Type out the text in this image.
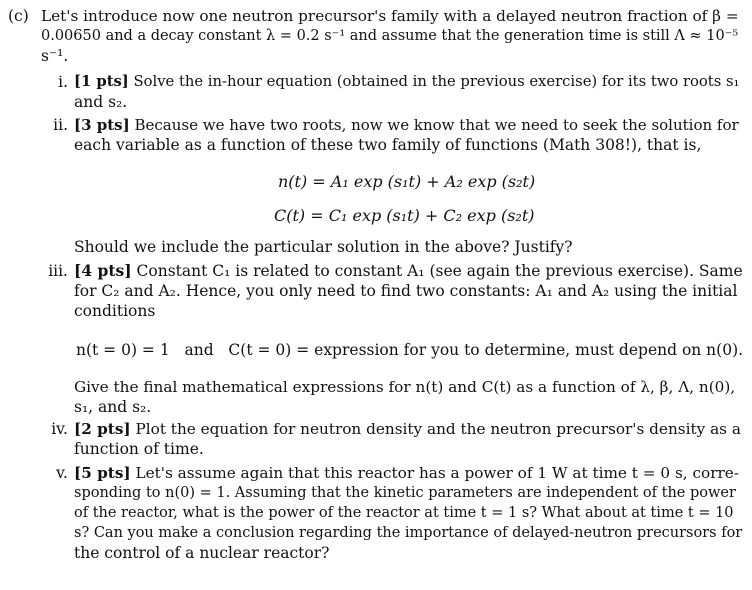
(c) Let's introduce now one neutron precursor's family with a delayed neutron fraction of β =
0.00650 and a decay constant λ = 0.2 s⁻¹ and assume that the generation time is still Λ ≈ 10⁻⁵
s⁻¹.
i. [1 pts] Solve the in-hour equation (obtained in the previous exercise) for its two roots s₁
and s₂.
ii. [3 pts] Because we have two roots, now we know that we need to seek the solution for
each variable as a function of these two family of functions (Math 308!), that is,
n(t) = A₁ exp (s₁t) + A₂ exp (s₂t)
C(t) = C₁ exp (s₁t) + C₂ exp (s₂t)
Should we include the particular solution in the above? Justify?
iii. [4 pts] Constant C₁ is related to constant A₁ (see again the previous exercise). Same
for C₂ and A₂. Hence, you only need to find two constants: A₁ and A₂ using the initial
conditions
n(t = 0) = 1   and   C(t = 0) = expression for you to determine, must depend on n(0).
Give the final mathematical expressions for n(t) and C(t) as a function of λ, β, Λ, n(0),
s₁, and s₂.
iv. [2 pts] Plot the equation for neutron density and the neutron precursor's density as a
function of time.
v. [5 pts] Let's assume again that this reactor has a power of 1 W at time t = 0 s, corre-
sponding to n(0) = 1. Assuming that the kinetic parameters are independent of the power
of the reactor, what is the power of the reactor at time t = 1 s? What about at time t = 10
s? Can you make a conclusion regarding the importance of delayed-neutron precursors for
the control of a nuclear reactor?
